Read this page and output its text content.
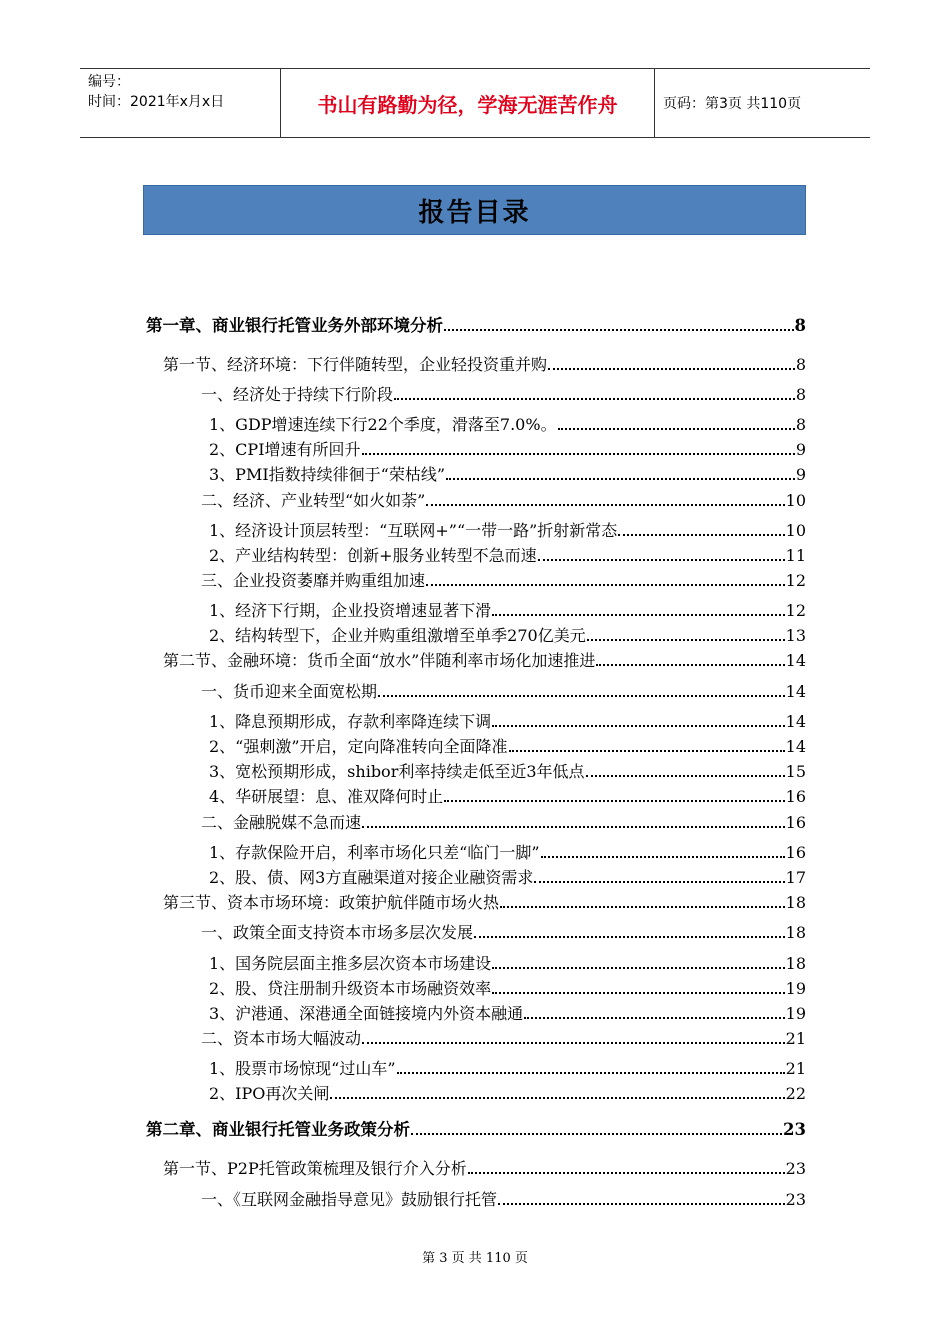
编号：
时间：2021年x月x日	书山有路勤为径，学海无涯苦作舟	页码：第3页 共110页
报告目录
第一章、商业银行托管业务外部环境分析	8
第一节、经济环境：下行伴随转型，企业轻投资重并购	8
一、经济处于持续下行阶段	8
1、GDP增速连续下行22个季度，滑落至7.0%。	8
2、CPI增速有所回升	9
3、PMI指数持续徘徊于“荣枯线”	9
二、经济、产业转型“如火如荼”	10
1、经济设计顶层转型：“互联网+”“一带一路”折射新常态	10
2、产业结构转型：创新+服务业转型不急而速	11
三、企业投资萎靡并购重组加速	12
1、经济下行期，企业投资增速显著下滑	12
2、结构转型下，企业并购重组激增至单季270亿美元	13
第二节、金融环境：货币全面“放水”伴随利率市场化加速推进	14
一、货币迎来全面宽松期	14
1、降息预期形成，存款利率降连续下调	14
2、“强刺激”开启，定向降准转向全面降准	14
3、宽松预期形成，shibor利率持续走低至近3年低点	15
4、华研展望：息、准双降何时止	16
二、金融脱媒不急而速	16
1、存款保险开启，利率市场化只差“临门一脚”	16
2、股、债、网3方直融渠道对接企业融资需求	17
第三节、资本市场环境：政策护航伴随市场火热	18
一、政策全面支持资本市场多层次发展	18
1、国务院层面主推多层次资本市场建设	18
2、股、贷注册制升级资本市场融资效率	19
3、沪港通、深港通全面链接境内外资本融通	19
二、资本市场大幅波动	21
1、股票市场惊现“过山车”	21
2、IPO再次关闸	22
第二章、商业银行托管业务政策分析	23
第一节、P2P托管政策梳理及银行介入分析	23
一、《互联网金融指导意见》鼓励银行托管	23
第 3 页 共 110 页
